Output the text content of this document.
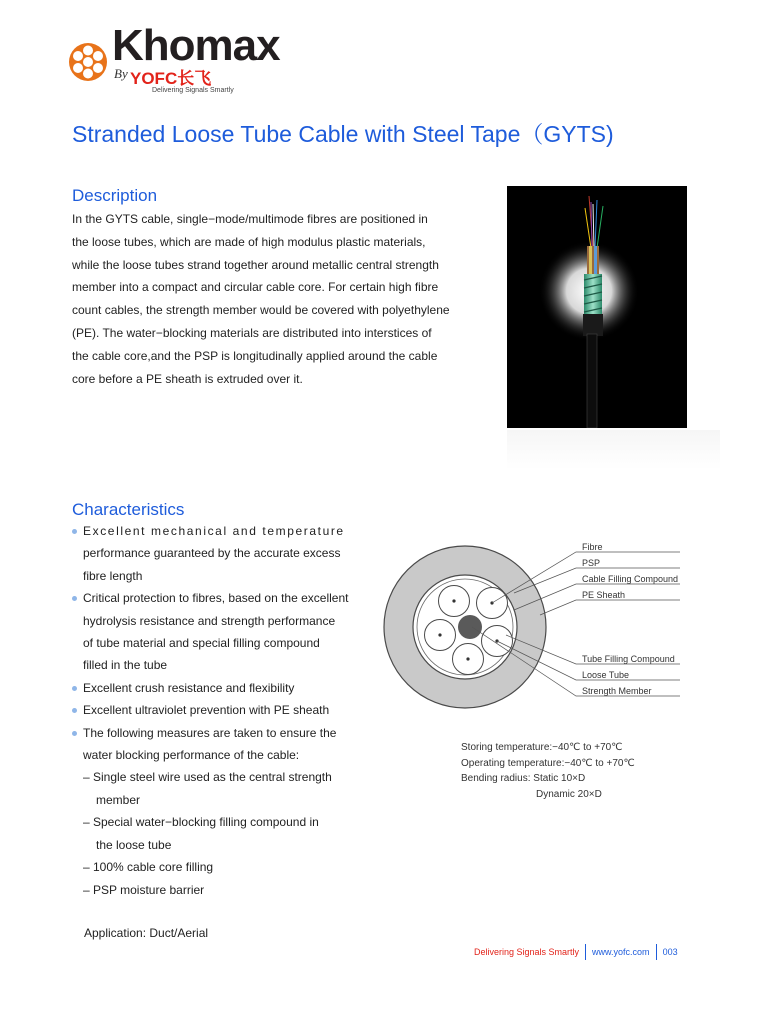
Khomax
By YOFC长飞
Delivering Signals Smartly
Stranded Loose Tube Cable with Steel Tape（GYTS)
Description
In the GYTS cable, single−mode/multimode fibres are positioned in
the loose tubes, which are made of high modulus plastic materials,
while the loose tubes strand together around metallic central strength
member into a compact and circular cable core. For certain high fibre
count cables, the strength member would be covered with polyethylene
(PE). The water−blocking materials are distributed into interstices of
the cable core,and the PSP is longitudinally applied around the cable
core before a PE sheath is extruded over it.
Characteristics
Excellent mechanical and temperature
performance guaranteed by the accurate excess
fibre length
Critical protection to fibres, based on the excellent
hydrolysis resistance and strength performance
of tube material and special filling compound
filled in the tube
Excellent crush resistance and flexibility
Excellent ultraviolet prevention with PE sheath
The following measures are taken to ensure the
water blocking performance of the cable:
– Single steel wire used as the central strength
member
– Special water−blocking filling compound in
the loose tube
– 100% cable core filling
– PSP moisture barrier
Application: Duct/Aerial
Fibre
PSP
Cable Filling Compound
PE Sheath
Tube Filling Compound
Loose Tube
Strength Member
Storing temperature:−40℃ to +70℃
Operating temperature:−40℃ to +70℃
Bending radius: Static 10×D
Dynamic 20×D
Delivering Signals Smartly www.yofc.com 003
